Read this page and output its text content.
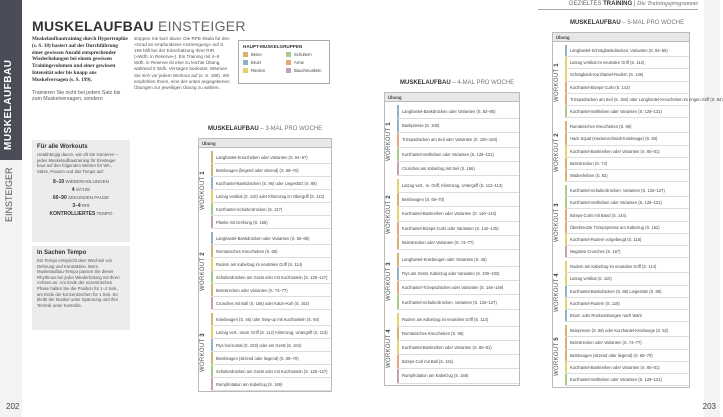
MUSKELAUFBAU
EINSTEIGER
202
MUSKELAUFBAU EINSTEIGER

Muskelaufbautraining durch Hypertrophie (s. S. 18) basiert auf der Durchführung einer gewissen Anzahl entsprechender Wiederholungen bei einem gewissen Trainingsvolumen und einer gewissen Intensität oder bis knapp ans Muskelversagen (s. S. 199).

Trainieren Sie nicht bei jedem Satz bis zum Muskelversagen, sondern

stoppen Sie kurz davor. Die RPE-Skala für den »Grad an empfundener Anstrengung« auf S. 199 hilft bei der Einschätzung Ihrer RIR (»Wdh. in Reserve«). Ein Training mit 4–5 Wdh. in Reserve ist eine zu leichte Übung, während 0 Wdh. Versagen bedeutet. Wärmen Sie sich vor jedem Workout auf (s. S. 186). Wir empfehlen Ihnen, eine der unten angegebenen Übungen zur jeweiligen Übung zu wählen.
HAUPT-MUSKELGRUPPEN
Beine	Schultern
Brust	Arme
Rücken	Bauchmuskeln
Für alle Workouts

Unabhängig davon, wie oft Sie trainieren – jedes Muskelaufbautraining für Einsteiger baut auf den folgenden Werten für Wh., Sätze, Pausen und das Tempo auf:

8–10 WIEDERHOLUNGEN
4 SÄTZE
60–90 SEKUNDEN PAUSE
3–4 RIR
KONTROLLIERTES TEMPO
In Sachen Tempo

Ein Tempo entspricht dem Wechsel von Dehnung und Kontraktion. Beim Muskelaufbau-Tempo passen Sie dieser Rhythmus bei jeder Wiederholung mit Ihren Achsen an. Am Ende der exzentrischen Phase halten Sie die Position für 1–2 Sek., am Ende der konzentrischen für 1 Sek. So bleibt der Muskel unter Spannung und Ihre Technik unter Kontrolle.

MUSKELAUFBAU – 3-MAL PRO WOCHE
Übung
WORKOUT 1
Langhantel-Kreuzheben oder Varianten (S. 64–67)
Beinbeugen (liegend oder sitzend) (S. 68–70)
Kurzhantel-Bankdrücken (S. 86) oder Liegestütz (S. 88)
Latzug vertikal (S. 110) oder Klimmzug im Obergriff (S. 113)
Kurzhantel-Schulterdrücken (S. 127)
Planke mit Drehung (S. 168)
WORKOUT 2
Langhantel-Bankdrücken oder Varianten (S. 82–85)
Rumänisches Kreuzheben (S. 68)
Rudern am Kabelzug im neutralen Griff (S. 114)
Schulterdrücken am Gerät oder mit Kurzhanteln (S. 126–127)
Beinstrecken oder Varianten (S. 74–77)
Crunches mit Ball (S. 166) oder Katze-Kuh (S. 162)
WORKOUT 3
Kniebeugen (S. 46) oder Step-up mit Kurzhanteln (S. 60)
Latzug vert., neutr. Griff (S. 112) Klimmzug, Untergriff (S. 113)
Flys horizontal (S. 103) oder am Gerät (S. 104)
Beinbeugen (sitzend oder liegend) (S. 68–70)
Schulterdrücken am Gerät oder mit Kurzhanteln (S. 126–127)
Rumpfrotation am Kabelzug (S. 169)
GEZIELTES TRAINING | Die Trainingsprogramme
203
MUSKELAUFBAU – 4-MAL PRO WOCHE
Übung
WORKOUT 1
Langhantel-Bankdrücken oder Varianten (S. 82–85)
Bankpresse (S. 108)
Trizepsdrücken am Seil oder Varianten (S. 150–153)
Kurzhantel-Seitheben oder Varianten (S. 128–131)
Crunches am Kabelzug mit Seil (S. 166)
WORKOUT 2
Latzug vert., m. Griff, Klimmzug, Untergriff (S. 112–113)
Beinbeugen (S. 68–70)
Kurzhantel-Bankreihen oder Varianten (S. 140–143)
Kurzhantel-Bizeps-Curls oder Varianten (S. 142–145)
Beinstrecken oder Varianten (S. 74–77)
WORKOUT 3
Langhantel-Kniebeugen oder Varianten (S. 46)
Flys am Gerät, Kabelzug oder Varianten (S. 100–103)
Kurzhantel-Trizepsdrücken oder Varianten (S. 146–149)
Kurzhantel-Schulterdrücken, Varianten (S. 126–127)
WORKOUT 4
Rudern am Kabelzug im neutralen Griff (S. 114)
Rumänisches Kreuzheben (S. 68)
Kurzhantel-Bankreihen oder Varianten (S. 80–81)
Bizeps-Curl mit Ball (S. 161)
Rumpfrotation am Kabelzug (S. 168)
MUSKELAUFBAU – 5-MAL PRO WOCHE
Übung
WORKOUT 1
Langhantel-Schrägbankdrücken; Varianten (S. 84–85)
Latzug vertikal im neutralen Griff (S. 112)
Schrägbank-Kurzhantel-Rudern (S. 136)
Kurzhantel-Bizeps-Curls (S. 142)
Trizepsdrücken am Seil (S. 150) oder Langhantel-Kreuzheben im engen Griff (S. 84)
Kurzhantel-Seitheben oder Varianten (S. 128–131)
WORKOUT 2
Rumänisches Kreuzheben (S. 68)
Hack Squat (Hackenschmidt-Kniebeuge) (S. 60)
Kurzhantel-Bankreihen oder Varianten (S. 80–81)
Beinstrecken (S. 74)
Wadenheben (S. 82)
WORKOUT 3
Kurzhantel-Schulterdrücken; Varianten (S. 126–127)
Kurzhantel-Seitheben oder Varianten (S. 128–131)
Bizeps-Curls mit Band (S. 144)
Überkreuzte Trizepspresse am Kabelzug (S. 152)
Kurzhantel-Rudern vorgebeugt (S. 116)
Negative Crunches (S. 167)
WORKOUT 4
Rudern am Kabelzug im neutralen Griff (S. 114)
Latzug vertikal (S. 110)
Kurzhantel-Bankdrücken (S. 86) Liegestütz (S. 88)
Kurzhantel-Rudern (S. 118)
Brust- oder Rückenübungen nach Wahl
WORKOUT 5
Beinpresse (S. 58) oder Kurzhantel-Kniebeuge (S. 52)
Beinstrecken oder Varianten (S. 74–77)
Beinbeugen (sitzend oder liegend) (S. 68–70)
Kurzhantel-Bankreihen oder Varianten (S. 80–81)
Kurzhantel-Seitheben oder Varianten (S. 128–131)
